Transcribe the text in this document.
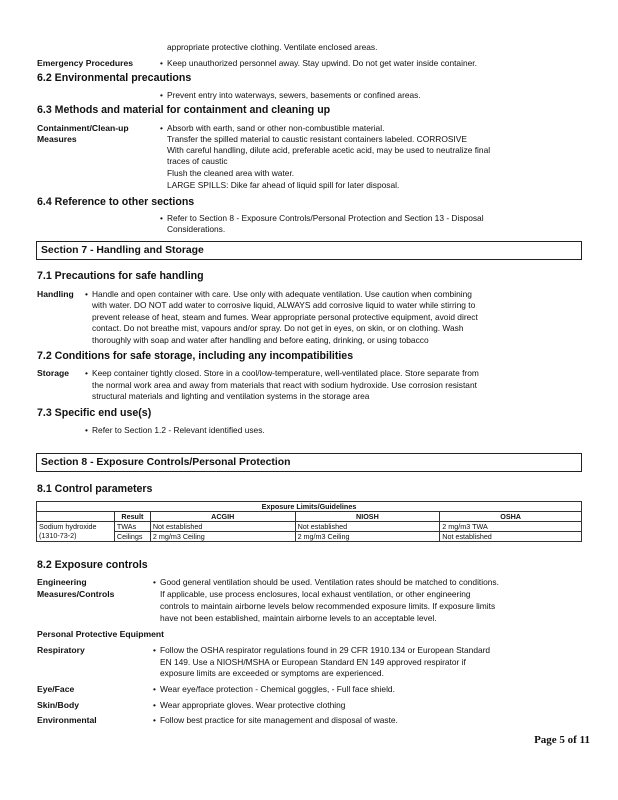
appropriate protective clothing. Ventilate enclosed areas.
Emergency Procedures	• Keep unauthorized personnel away. Stay upwind. Do not get water inside container.
6.2 Environmental precautions
• Prevent entry into waterways, sewers, basements or confined areas.
6.3 Methods and material for containment and cleaning up
Containment/Clean-up
Measures
• Absorb with earth, sand or other non-combustible material.
Transfer the spilled material to caustic resistant containers labeled. CORROSIVE
With careful handling, dilute acid, preferable acetic acid, may be used to neutralize final
traces of caustic
Flush the cleaned area with water.
LARGE SPILLS: Dike far ahead of liquid spill for later disposal.
6.4 Reference to other sections
• Refer to Section 8 - Exposure Controls/Personal Protection and Section 13 - Disposal
Considerations.
Section 7 - Handling and Storage
7.1 Precautions for safe handling
Handling • Handle and open container with care. Use only with adequate ventilation. Use caution when combining
with water. DO NOT add water to corrosive liquid, ALWAYS add corrosive liquid to water while stirring to
prevent release of heat, steam and fumes. Wear appropriate personal protective equipment, avoid direct
contact. Do not breathe mist, vapours and/or spray. Do not get in eyes, on skin, or on clothing. Wash
thoroughly with soap and water after handling and before eating, drinking, or using tobacco
7.2 Conditions for safe storage, including any incompatibilities
Storage	• Keep container tightly closed. Store in a cool/low-temperature, well-ventilated place. Store separate from
the normal work area and away from materials that react with sodium hydroxide. Use corrosion resistant
structural materials and lighting and ventilation systems in the storage area
7.3 Specific end use(s)
• Refer to Section 1.2 - Relevant identified uses.
Section 8 - Exposure Controls/Personal Protection
8.1 Control parameters
Exposure Limits/Guidelines				
	Result	ACGIH	NIOSH	OSHA

Sodium hydroxide
(1310-73-2)	TWAs	Not established	Not established	2 mg/m3 TWA
	Ceilings	2 mg/m3 Ceiling	2 mg/m3 Ceiling	Not established
8.2 Exposure controls
Engineering
Measures/Controls
• Good general ventilation should be used. Ventilation rates should be matched to conditions.
If applicable, use process enclosures, local exhaust ventilation, or other engineering
controls to maintain airborne levels below recommended exposure limits. If exposure limits
have not been established, maintain airborne levels to an acceptable level.
Personal Protective Equipment
Respiratory	• Follow the OSHA respirator regulations found in 29 CFR 1910.134 or European Standard
EN 149. Use a NIOSH/MSHA or European Standard EN 149 approved respirator if
exposure limits are exceeded or symptoms are experienced.
Eye/Face	• Wear eye/face protection - Chemical goggles, - Full face shield.
Skin/Body	• Wear appropriate gloves. Wear protective clothing
Environmental	• Follow best practice for site management and disposal of waste.
Page 5 of 11
